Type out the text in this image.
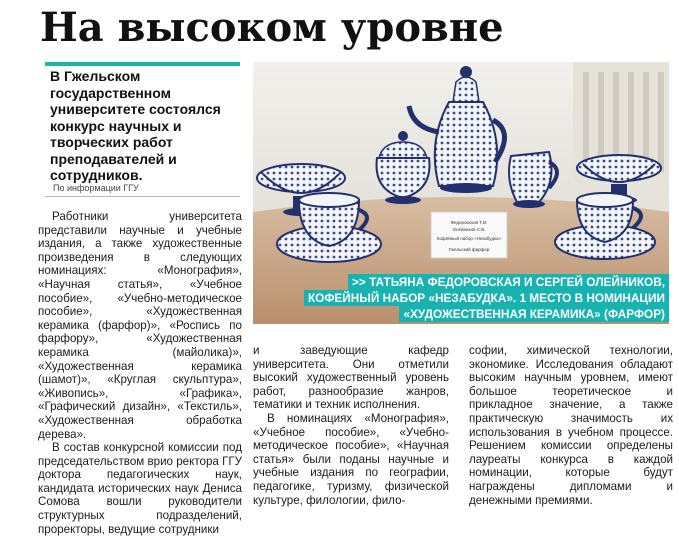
На высоком уровне

В Гжельском государственном университете состоялся конкурс научных и творческих работ преподавателей и сотрудников.

По информации ГГУ

Работники университета представили научные и учебные издания, а также художественные произведения в следующих номинациях: «Монография», «Научная статья», «Учебное пособие», «Учебно-методическое пособие», «Художественная керамика (фарфор)», «Роспись по фарфору», «Художественная керамика (майолика)», «Художественная керамика (шамот)», «Круглая скульптура», «Живопись», «Графика», «Графический дизайн», «Текстиль», «Художественная обработка дерева».

В состав конкурсной комиссии под председательством врио ректора ГГУ доктора педагогических наук, кандидата исторических наук Дениса Сомова вошли руководители структурных подразделений, проректоры, ведущие сотрудники

Федоровская Т.И.
Олейников С.В.
Кофейный набор «Незабудка»
Гжельский фарфор
>> ТАТЬЯНА ФЕДОРОВСКАЯ И СЕРГЕЙ ОЛЕЙНИКОВ,
КОФЕЙНЫЙ НАБОР «НЕЗАБУДКА». 1 МЕСТО В НОМИНАЦИИ
«ХУДОЖЕСТВЕННАЯ КЕРАМИКА» (ФАРФОР)

и заведующие кафедр университета. Они отметили высокий художественный уровень работ, разнообразие жанров, тематики и техник исполнения.

В номинациях «Монография», «Учебное пособие», «Учебно-методическое пособие», «Научная статья» были поданы научные и учебные издания по географии, педагогике, туризму, физической культуре, филологии, фило-

софии, химической технологии, экономике. Исследования обладают высоким научным уровнем, имеют большое теоретическое и прикладное значение, а также практическую значимость их использования в учебном процессе. Решением комиссии определены лауреаты конкурса в каждой номинации, которые будут награждены дипломами и денежными премиями.
